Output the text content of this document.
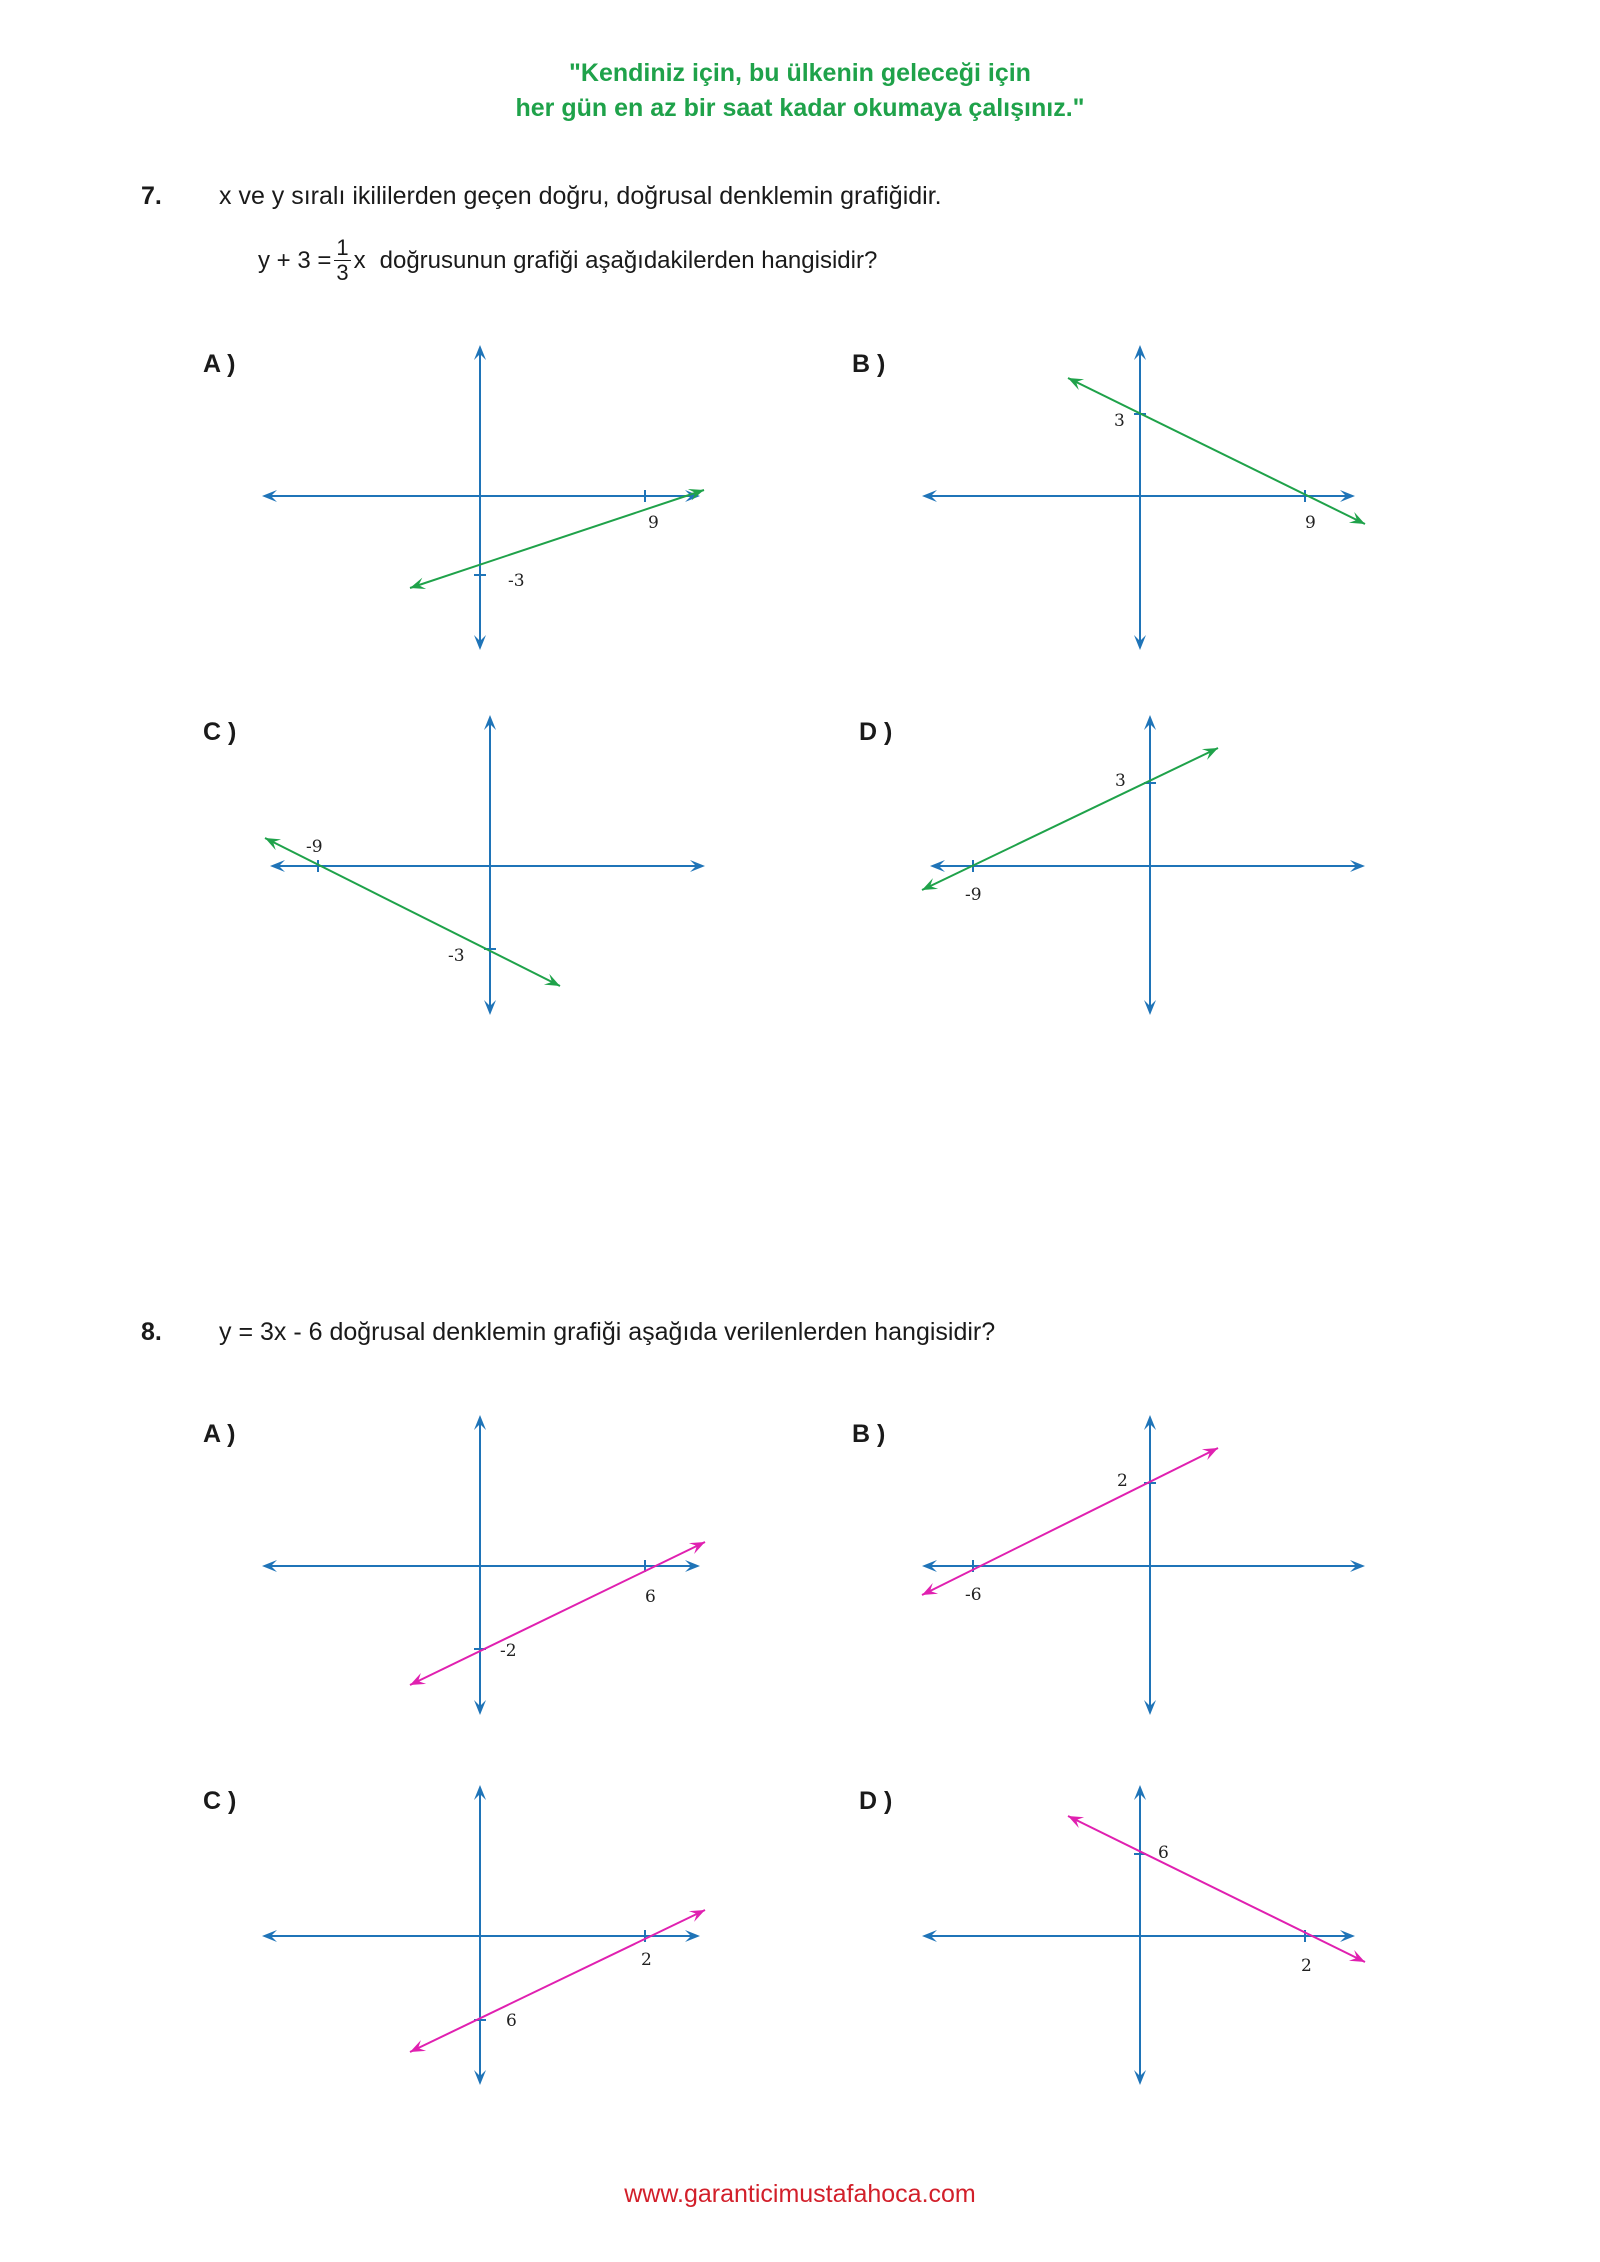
"Kendiniz için, bu ülkenin geleceği için
her gün en az bir saat kadar okumaya çalışınız."
7. x ve y sıralı ikililerden geçen doğru, doğrusal denklemin grafiğidir.
$y + 3 = \frac{1}{3}$ x doğrusunun grafiği aşağıdakilerden hangisidir?
A )	B )
C )	D )
9
-3
9
3
-9
-3
-9
3
8. y = 3x - 6 doğrusal denklemin grafiği aşağıda verilenlerden hangisidir?
A )	B )
C )	D )
6
-2
-6
2
2
6
2
6
www.garanticimustafahoca.com
